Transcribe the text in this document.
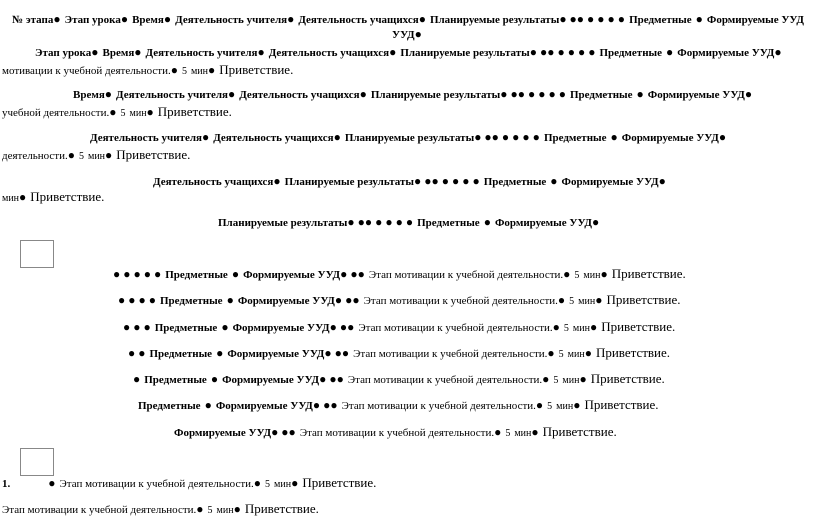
№ этапа● Этап урока● Время● Деятельность учителя● Деятельность учащихся● Планируемые результаты● ●● ● ● ● ● Предметные ● Формируемые УУД
УУД●
Этап урока● Время● Деятельность учителя● Деятельность учащихся● Планируемые результаты● ●● ● ● ● ● Предметные ● Формируемые УУД●
мотивации к учебной деятельности.● 5 мин● Приветствие.
Время● Деятельность учителя● Деятельность учащихся● Планируемые результаты● ●● ● ● ● ● Предметные ● Формируемые УУД●
учебной деятельности.● 5 мин● Приветствие.
Деятельность учителя● Деятельность учащихся● Планируемые результаты● ●● ● ● ● ● Предметные ● Формируемые УУД●
деятельности.● 5 мин● Приветствие.
Деятельность учащихся● Планируемые результаты● ●● ● ● ● ● Предметные ● Формируемые УУД●
мин● Приветствие.
Планируемые результаты● ●● ● ● ● ● Предметные ● Формируемые УУД●
● ● ● ● ● Предметные ● Формируемые УУД● ●● Этап мотивации к учебной деятельности.● 5 мин● Приветствие.
● ● ● ● Предметные ● Формируемые УУД● ●● Этап мотивации к учебной деятельности.● 5 мин● Приветствие.
● ● ● Предметные ● Формируемые УУД● ●● Этап мотивации к учебной деятельности.● 5 мин● Приветствие.
● ● Предметные ● Формируемые УУД● ●● Этап мотивации к учебной деятельности.● 5 мин● Приветствие.
● Предметные ● Формируемые УУД● ●● Этап мотивации к учебной деятельности.● 5 мин● Приветствие.
Предметные ● Формируемые УУД● ●● Этап мотивации к учебной деятельности.● 5 мин● Приветствие.
Формируемые УУД● ●● Этап мотивации к учебной деятельности.● 5 мин● Приветствие.
1.	● Этап мотивации к учебной деятельности.● 5 мин● Приветствие.
Этап мотивации к учебной деятельности.● 5 мин● Приветствие.
